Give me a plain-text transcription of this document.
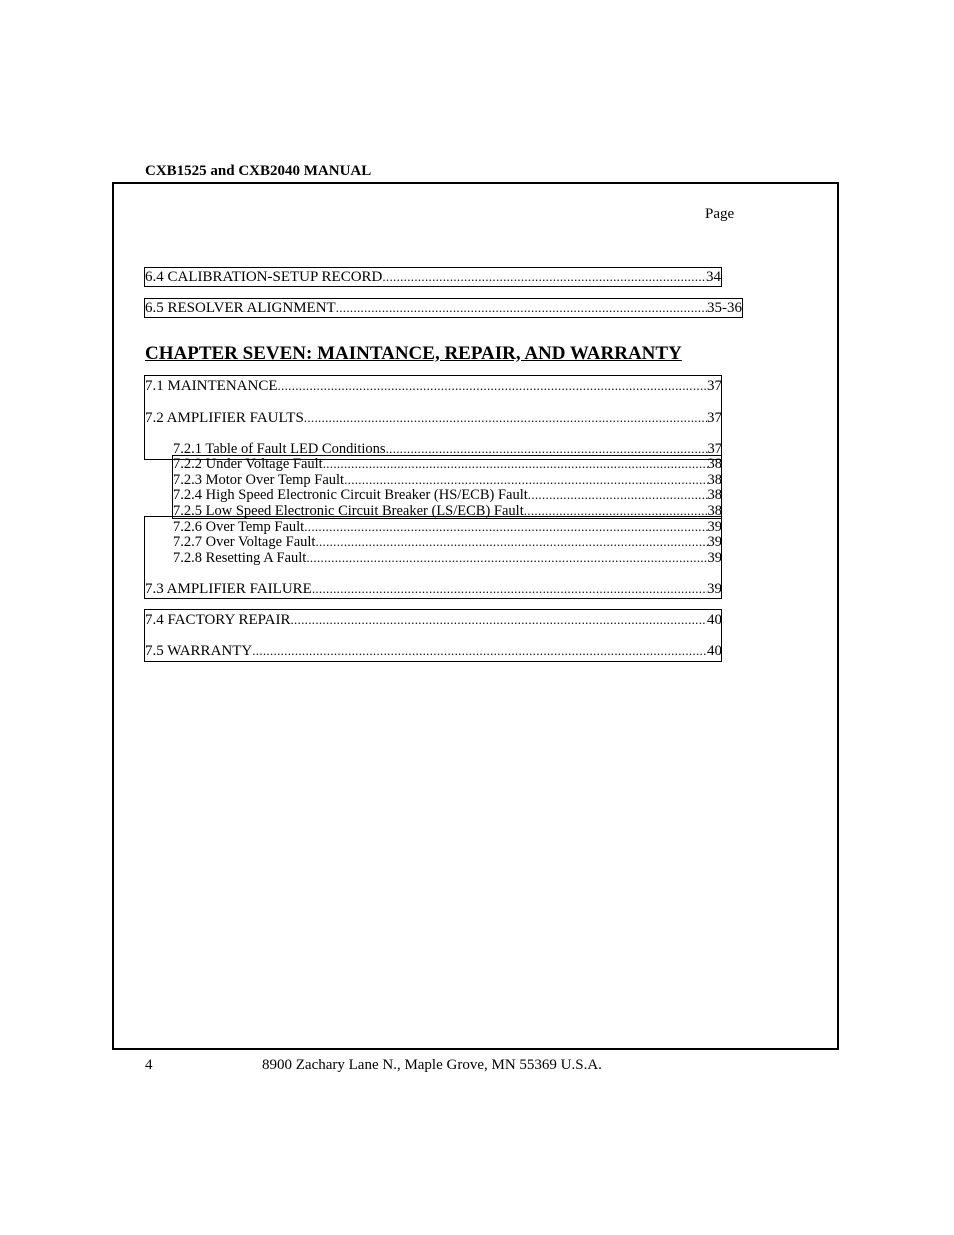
CXB1525 and CXB2040 MANUAL
Page
6.4 CALIBRATION-SETUP RECORD .....	34
6.5 RESOLVER ALIGNMENT .....	35-36
CHAPTER SEVEN: MAINTANCE, REPAIR, AND WARRANTY
7.1 MAINTENANCE .....	37
7.2 AMPLIFIER FAULTS .....	37
7.2.1 Table of Fault LED Conditions .....	37
7.2.2 Under Voltage Fault .....	38
7.2.3 Motor Over Temp Fault .....	38
7.2.4 High Speed Electronic Circuit Breaker (HS/ECB) Fault .....	38
7.2.5 Low Speed Electronic Circuit Breaker (LS/ECB) Fault .....	38
7.2.6 Over Temp Fault .....	39
7.2.7 Over Voltage Fault .....	39
7.2.8 Resetting A Fault .....	39
7.3 AMPLIFIER FAILURE .....	39
7.4 FACTORY REPAIR .....	40
7.5 WARRANTY .....	40
4	8900 Zachary Lane N., Maple Grove, MN 55369 U.S.A.
